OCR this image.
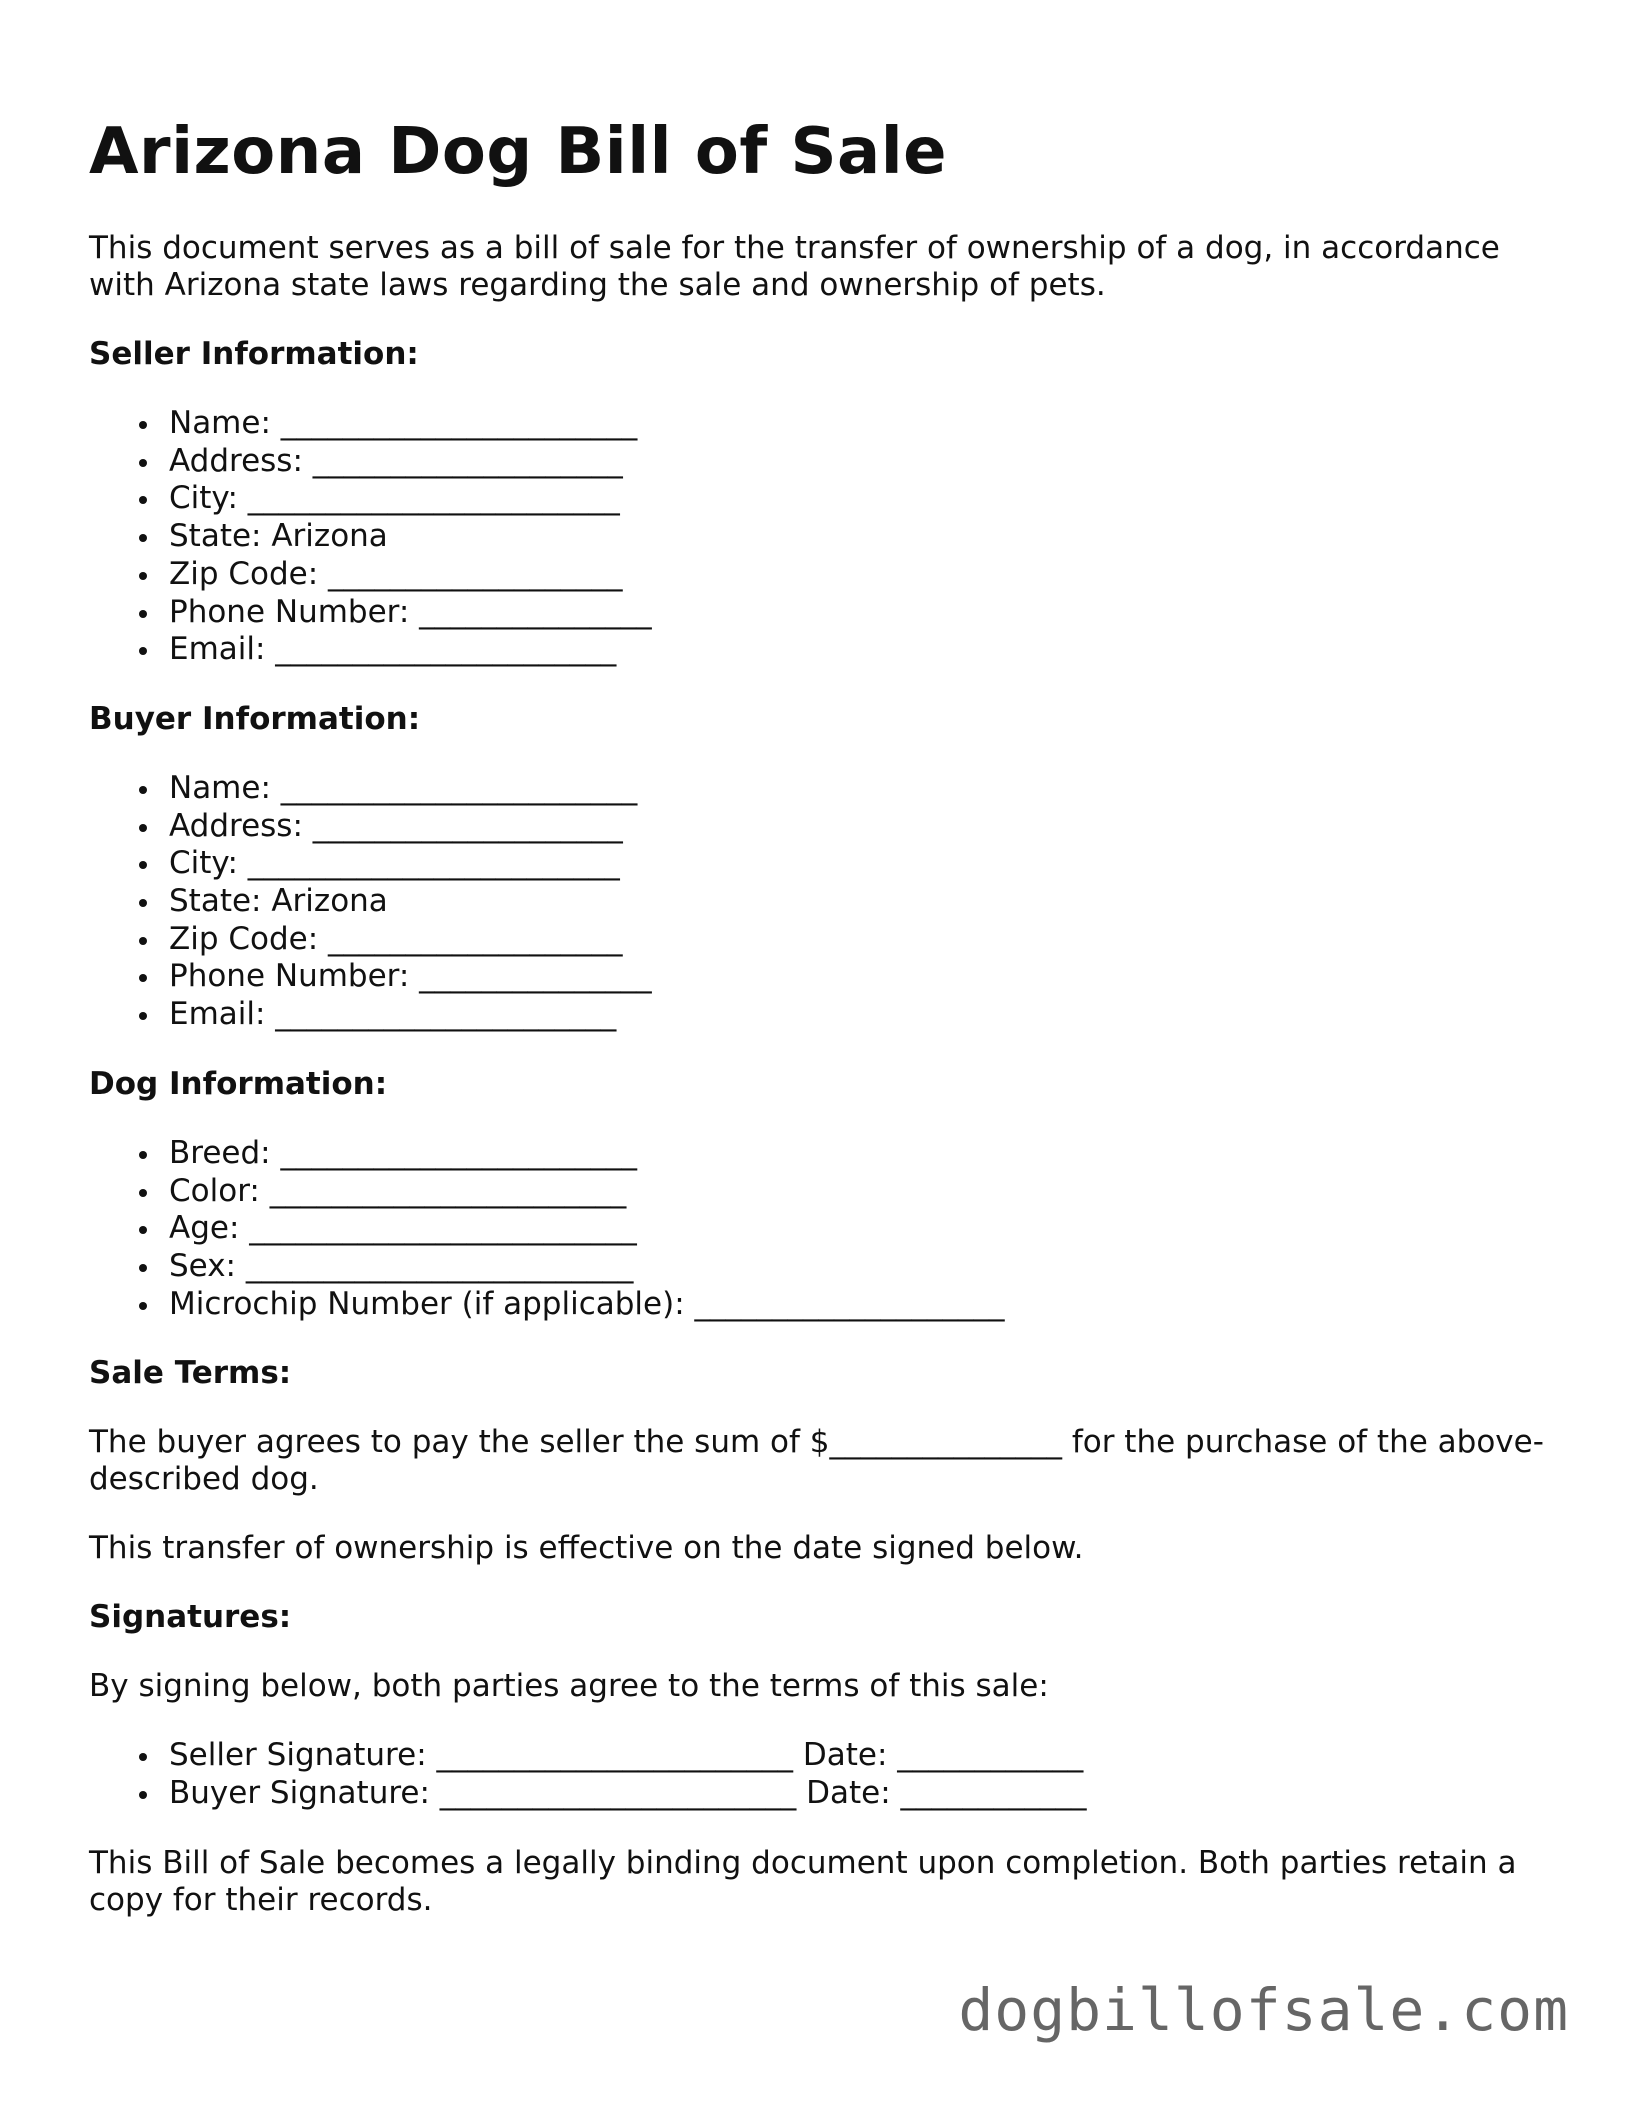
Arizona Dog Bill of Sale

This document serves as a bill of sale for the transfer of ownership of a dog, in accordance with Arizona state laws regarding the sale and ownership of pets.

Seller Information:
Name: _______________________
Address: ____________________
City: ________________________
State: Arizona
Zip Code: ___________________
Phone Number: _______________
Email: ______________________
Buyer Information:
Name: _______________________
Address: ____________________
City: ________________________
State: Arizona
Zip Code: ___________________
Phone Number: _______________
Email: ______________________
Dog Information:
Breed: _______________________
Color: _______________________
Age: _________________________
Sex: _________________________
Microchip Number (if applicable): ____________________
Sale Terms:

The buyer agrees to pay the seller the sum of $_______________ for the purchase of the above-described dog.

This transfer of ownership is effective on the date signed below.

Signatures:

By signing below, both parties agree to the terms of this sale:

Seller Signature: _______________________ Date: ____________
Buyer Signature: _______________________ Date: ____________

This Bill of Sale becomes a legally binding document upon completion. Both parties retain a copy for their records.

dogbillofsale.com
